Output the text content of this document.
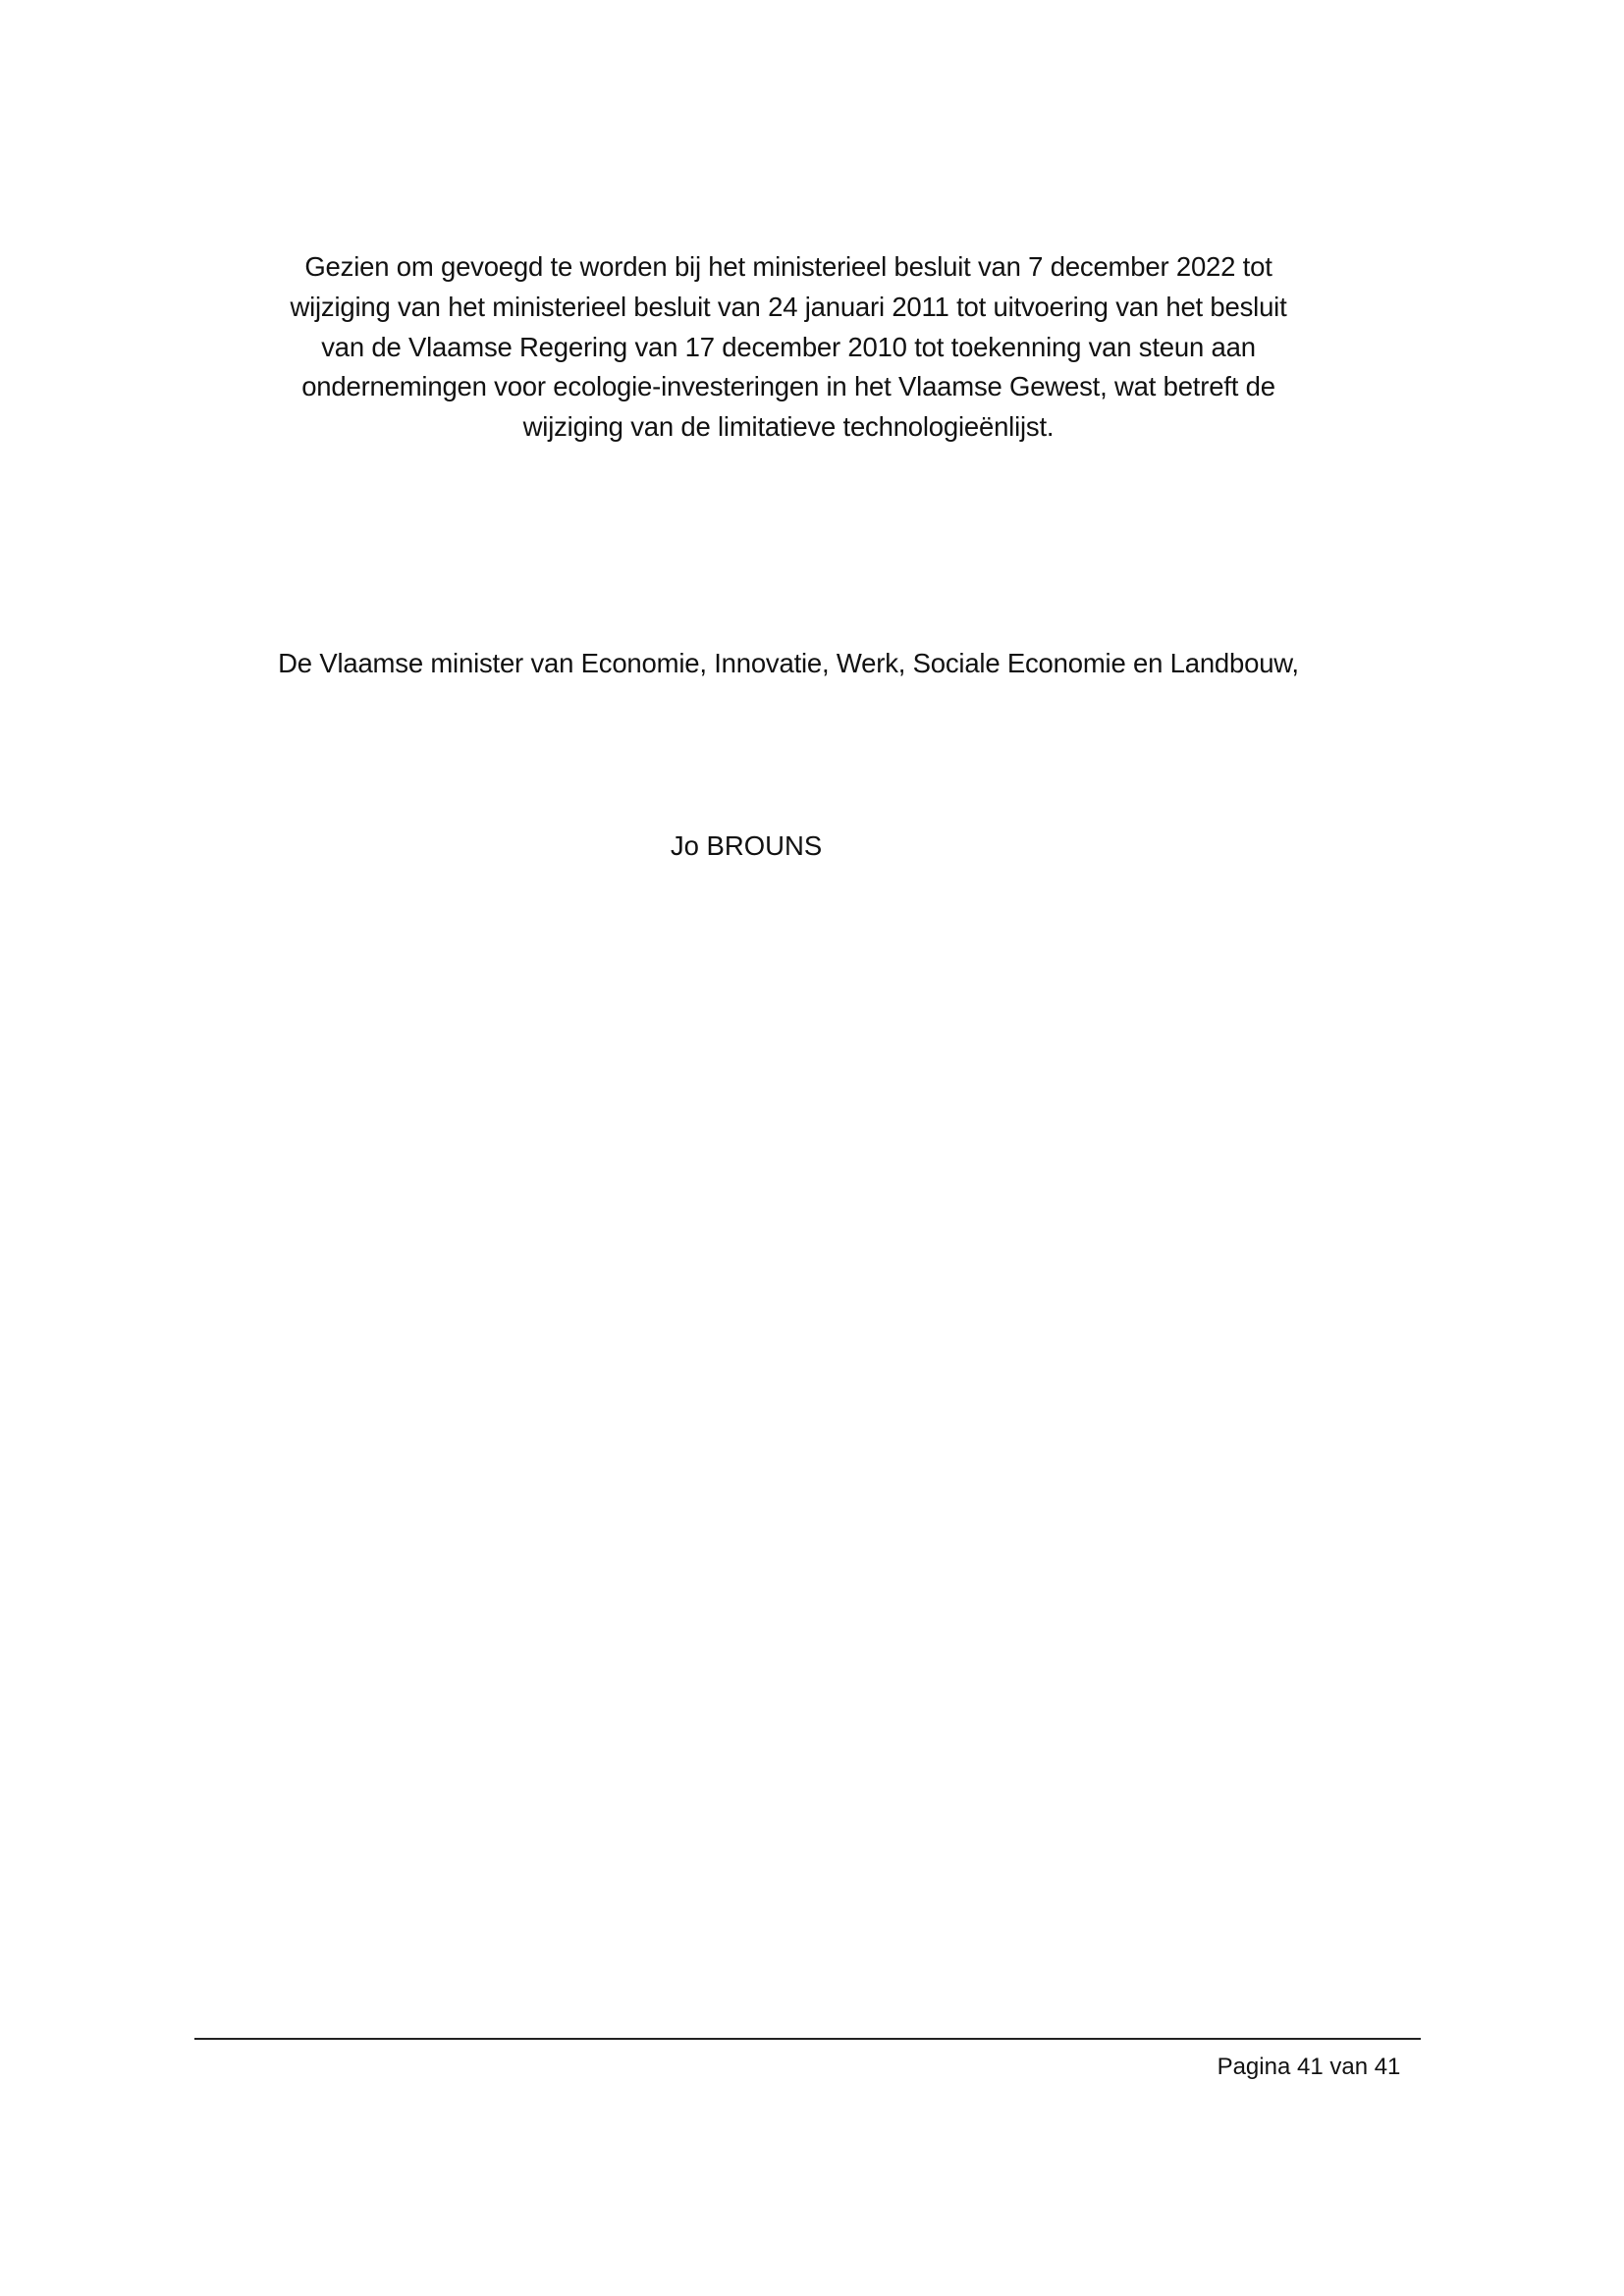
Gezien om gevoegd te worden bij het ministerieel besluit van 7 december 2022 tot
wijziging van het ministerieel besluit van 24 januari 2011 tot uitvoering van het besluit
van de Vlaamse Regering van 17 december 2010 tot toekenning van steun aan
ondernemingen voor ecologie-investeringen in het Vlaamse Gewest, wat betreft de
wijziging van de limitatieve technologieënlijst.

De Vlaamse minister van Economie, Innovatie, Werk, Sociale Economie en Landbouw,

Jo BROUNS

Pagina 41 van 41
